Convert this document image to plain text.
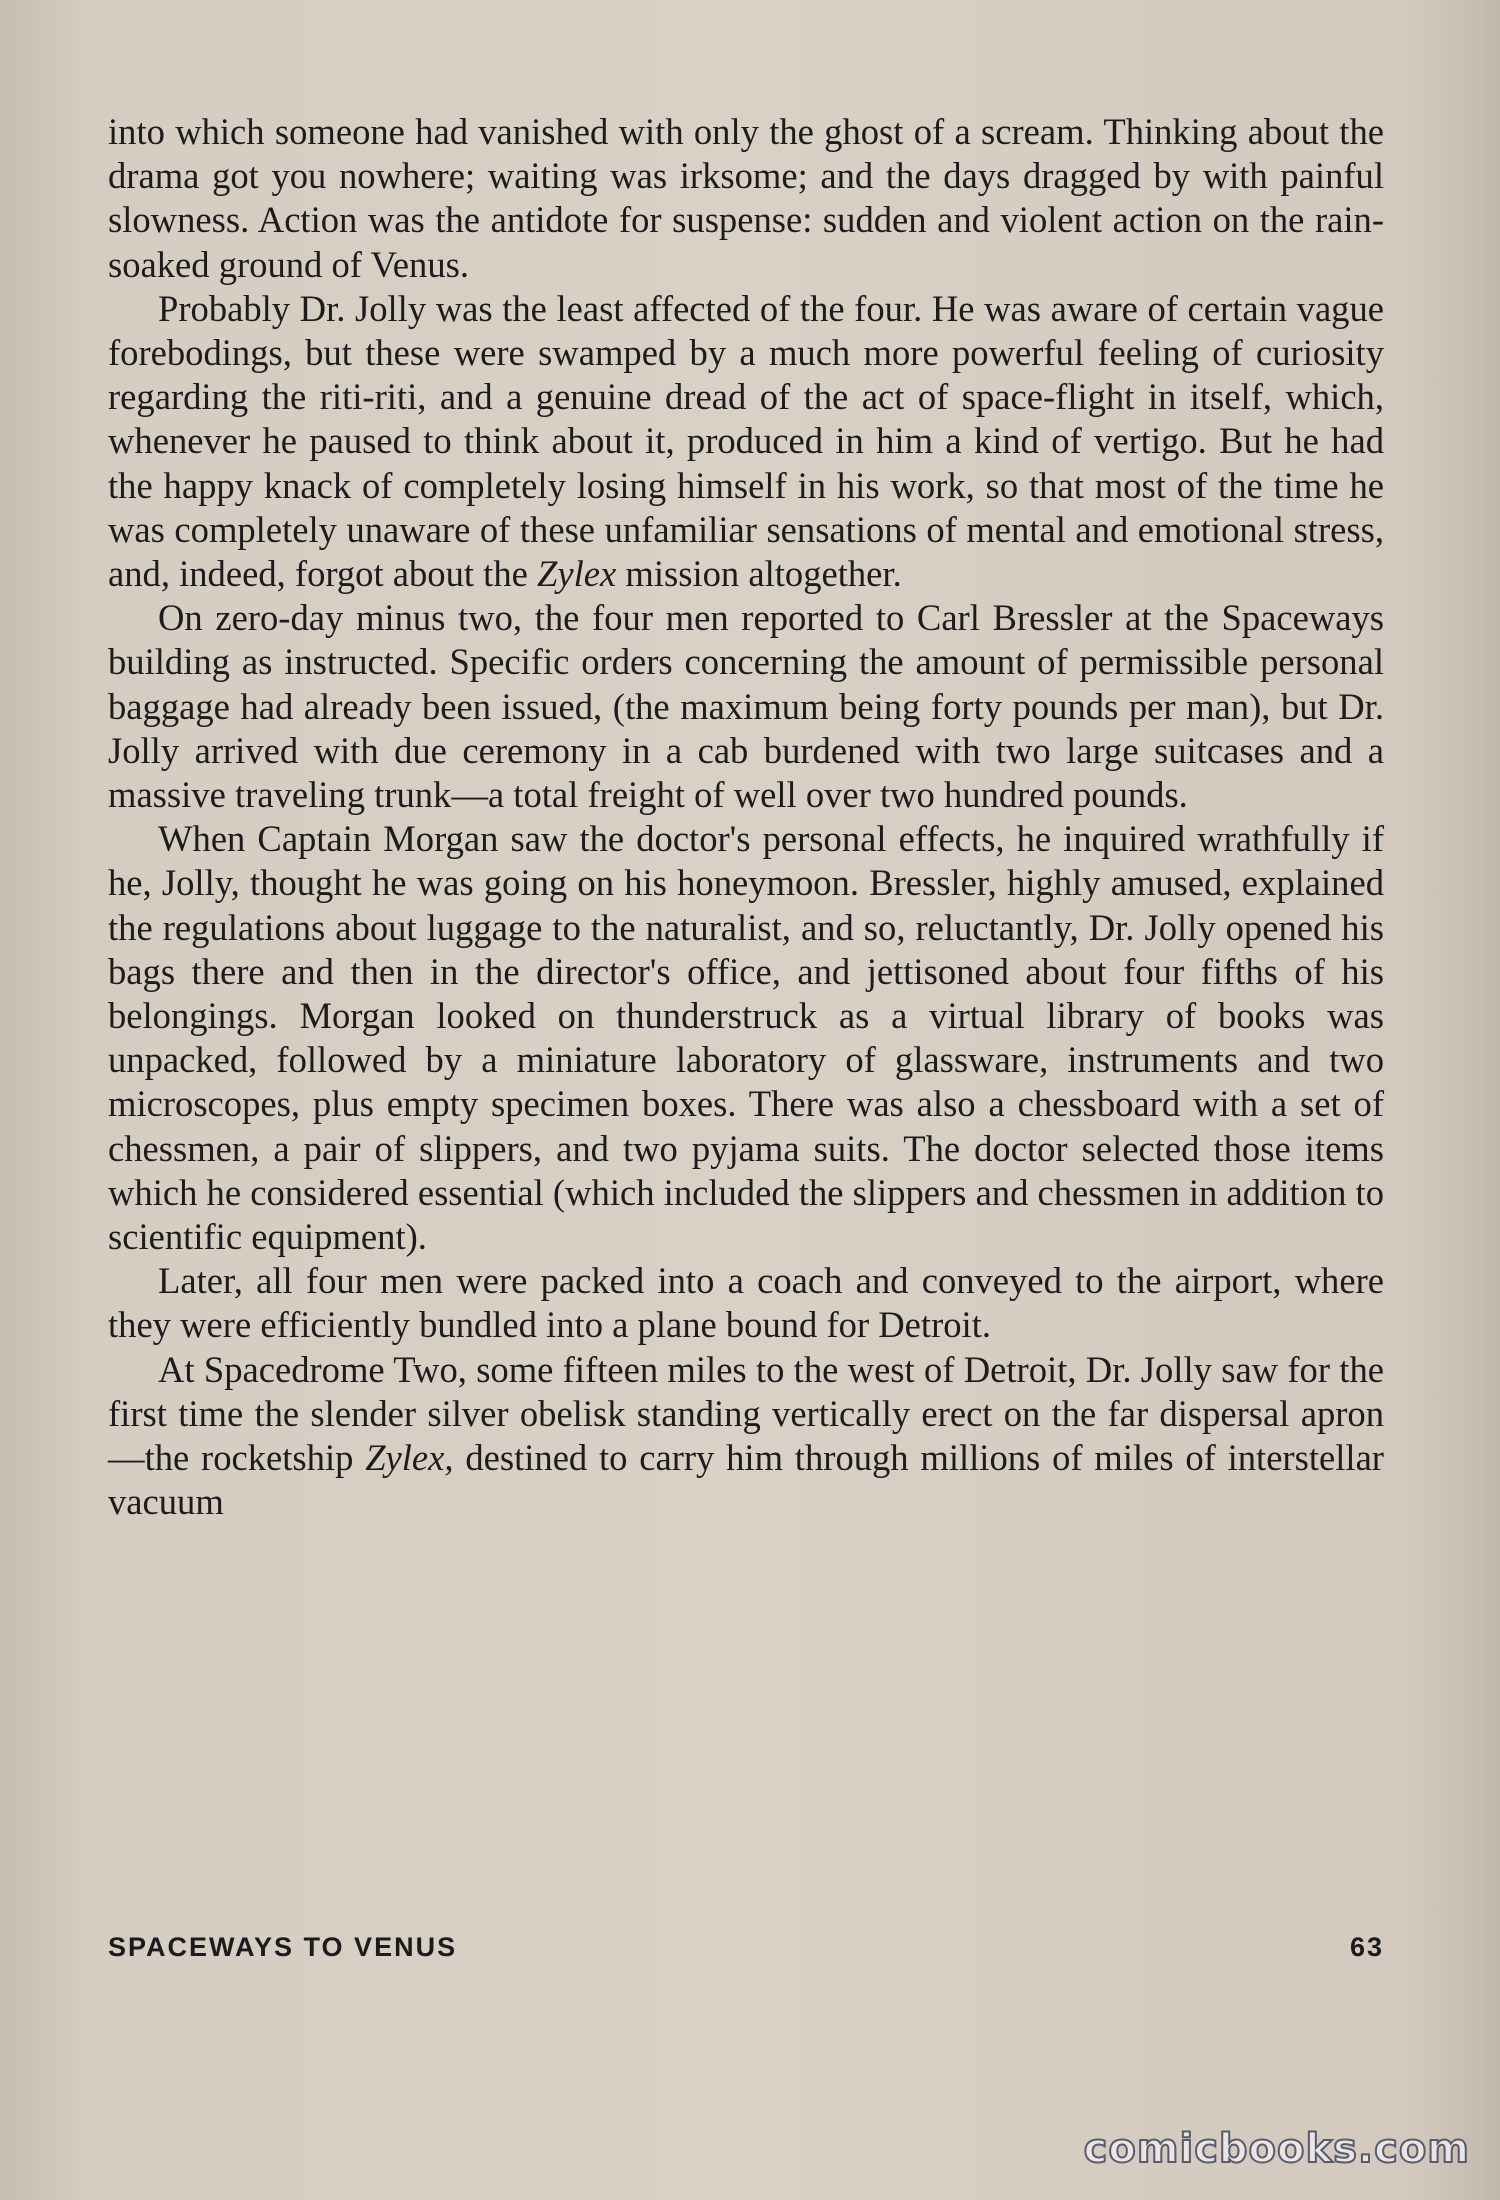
into which someone had vanished with only the ghost of a scream. Thinking about the drama got you nowhere; waiting was irksome; and the days dragged by with painful slowness. Action was the antidote for suspense: sudden and violent action on the rain-soaked ground of Venus.

Probably Dr. Jolly was the least affected of the four. He was aware of certain vague forebodings, but these were swamped by a much more powerful feeling of curiosity regarding the riti-riti, and a genuine dread of the act of space-flight in itself, which, whenever he paused to think about it, produced in him a kind of vertigo. But he had the happy knack of completely losing himself in his work, so that most of the time he was completely unaware of these unfamiliar sensations of mental and emotional stress, and, indeed, forgot about the Zylex mission altogether.

On zero-day minus two, the four men reported to Carl Bressler at the Spaceways building as instructed. Specific orders concerning the amount of permissible personal baggage had already been issued, (the maximum being forty pounds per man), but Dr. Jolly arrived with due ceremony in a cab burdened with two large suitcases and a massive traveling trunk—a total freight of well over two hundred pounds.

When Captain Morgan saw the doctor's personal effects, he inquired wrathfully if he, Jolly, thought he was going on his honeymoon. Bressler, highly amused, explained the regulations about luggage to the naturalist, and so, reluctantly, Dr. Jolly opened his bags there and then in the director's office, and jettisoned about four fifths of his belongings. Morgan looked on thunderstruck as a virtual library of books was unpacked, followed by a miniature laboratory of glassware, instruments and two microscopes, plus empty specimen boxes. There was also a chessboard with a set of chessmen, a pair of slippers, and two pyjama suits. The doctor selected those items which he considered essential (which included the slippers and chessmen in addition to scientific equipment).

Later, all four men were packed into a coach and conveyed to the airport, where they were efficiently bundled into a plane bound for Detroit.

At Spacedrome Two, some fifteen miles to the west of Detroit, Dr. Jolly saw for the first time the slender silver obelisk standing vertically erect on the far dispersal apron—the rocketship Zylex, destined to carry him through millions of miles of interstellar vacuum

SPACEWAYS TO VENUS	63
comicbooks.com
